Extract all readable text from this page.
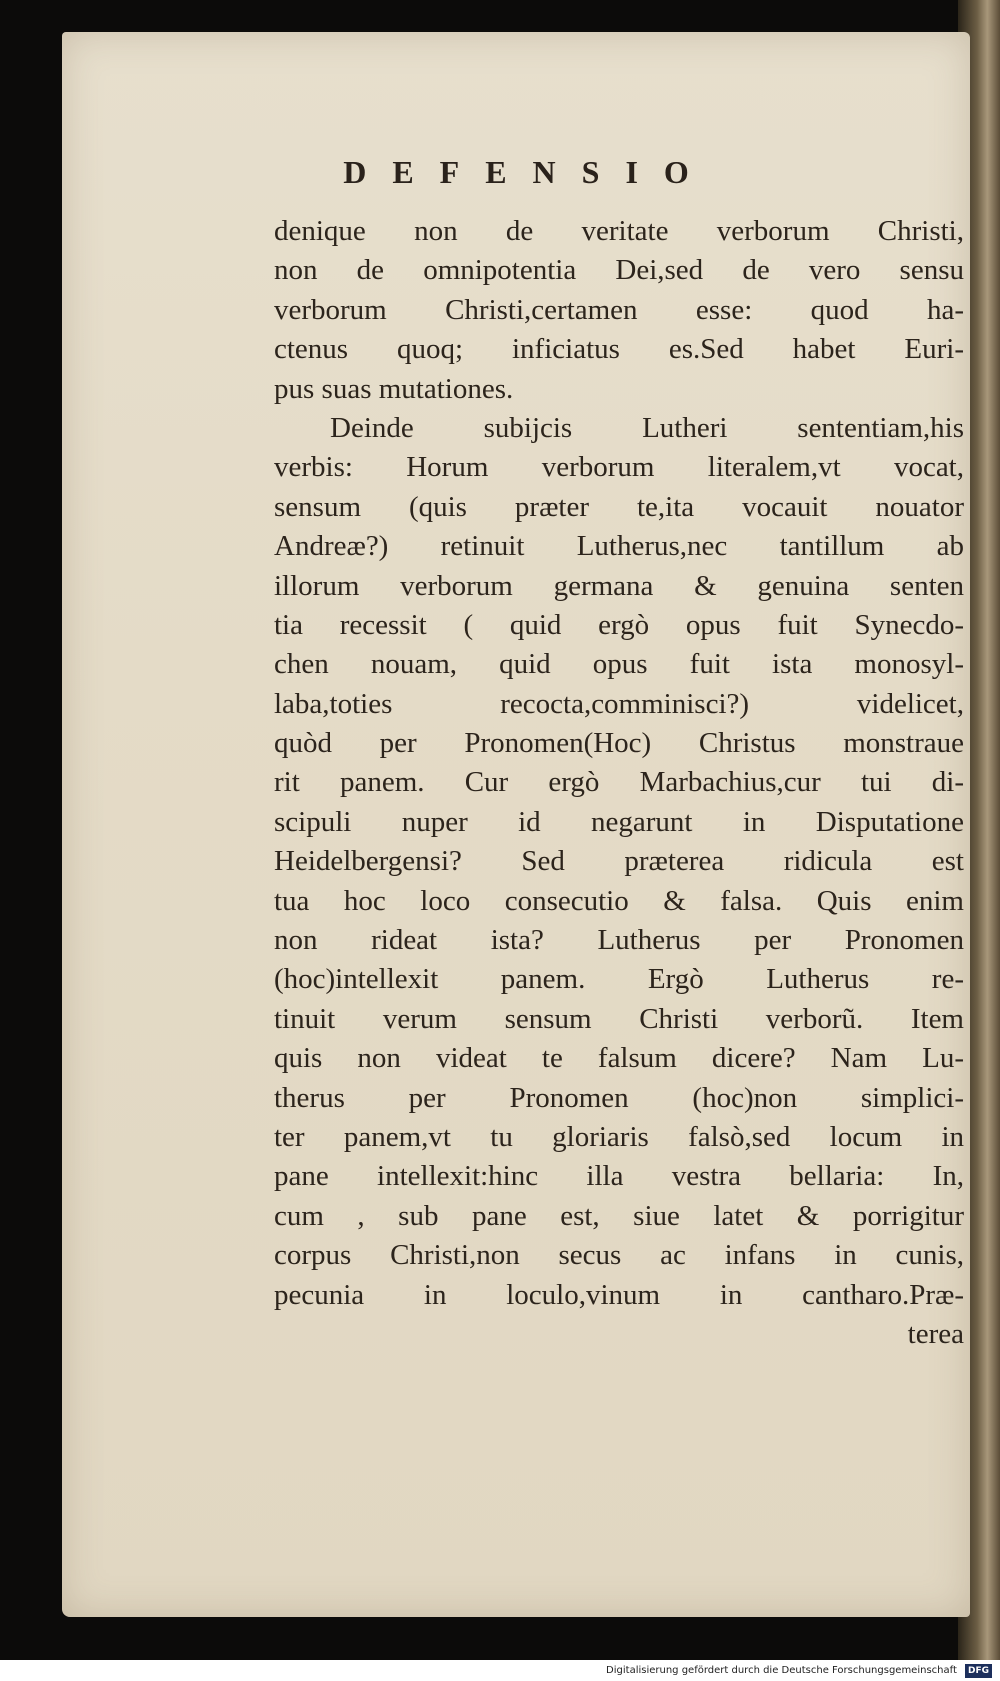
DEFENSIO
denique non de veritate verborum Christi,
non de omnipotentia Dei,sed de vero sensu
verborum Christi,certamen esse: quod ha-
ctenus quoq; inficiatus es.Sed habet Euri-
pus suas mutationes.
Deinde subijcis Lutheri sententiam,his
verbis: Horum verborum literalem,vt vocat,
sensum (quis præter te,ita vocauit nouator
Andreæ?) retinuit Lutherus,nec tantillum ab
illorum verborum germana & genuina senten
tia recessit ( quid ergò opus fuit Synecdo-
chen nouam, quid opus fuit ista monosyl-
laba,toties recocta,comminisci?) videlicet,
quòd per Pronomen(Hoc) Christus monstraue
rit panem. Cur ergò Marbachius,cur tui di-
scipuli nuper id negarunt in Disputatione
Heidelbergensi? Sed præterea ridicula est
tua hoc loco consecutio & falsa. Quis enim
non rideat ista? Lutherus per Pronomen
(hoc)intellexit panem. Ergò Lutherus re-
tinuit verum sensum Christi verborũ. Item
quis non videat te falsum dicere? Nam Lu-
therus per Pronomen (hoc)non simplici-
ter panem,vt tu gloriaris falsò,sed locum in
pane intellexit:hinc illa vestra bellaria: In,
cum , sub pane est, siue latet & porrigitur
corpus Christi,non secus ac infans in cunis,
pecunia in loculo,vinum in cantharo.Præ-
terea
Digitalisierung gefördert durch die Deutsche Forschungsgemeinschaft DFG
